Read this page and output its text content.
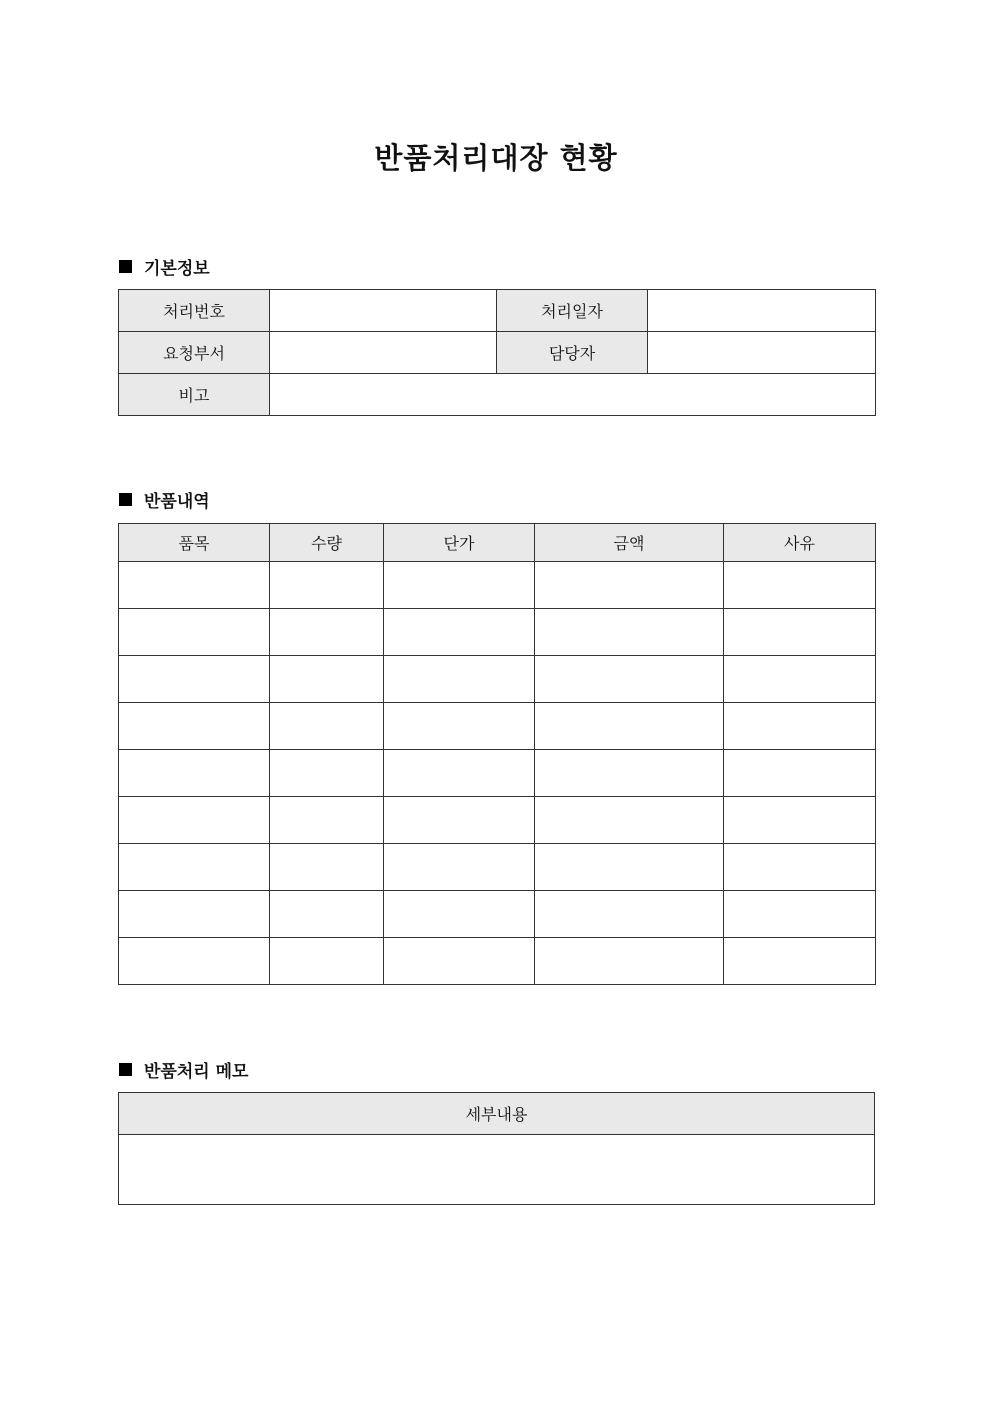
반품처리대장 현황
기본정보
처리번호		처리일자	
요청부서		담당자	
비고			
반품내역
품목	수량	단가	금액	사유

반품처리 메모
세부내용
